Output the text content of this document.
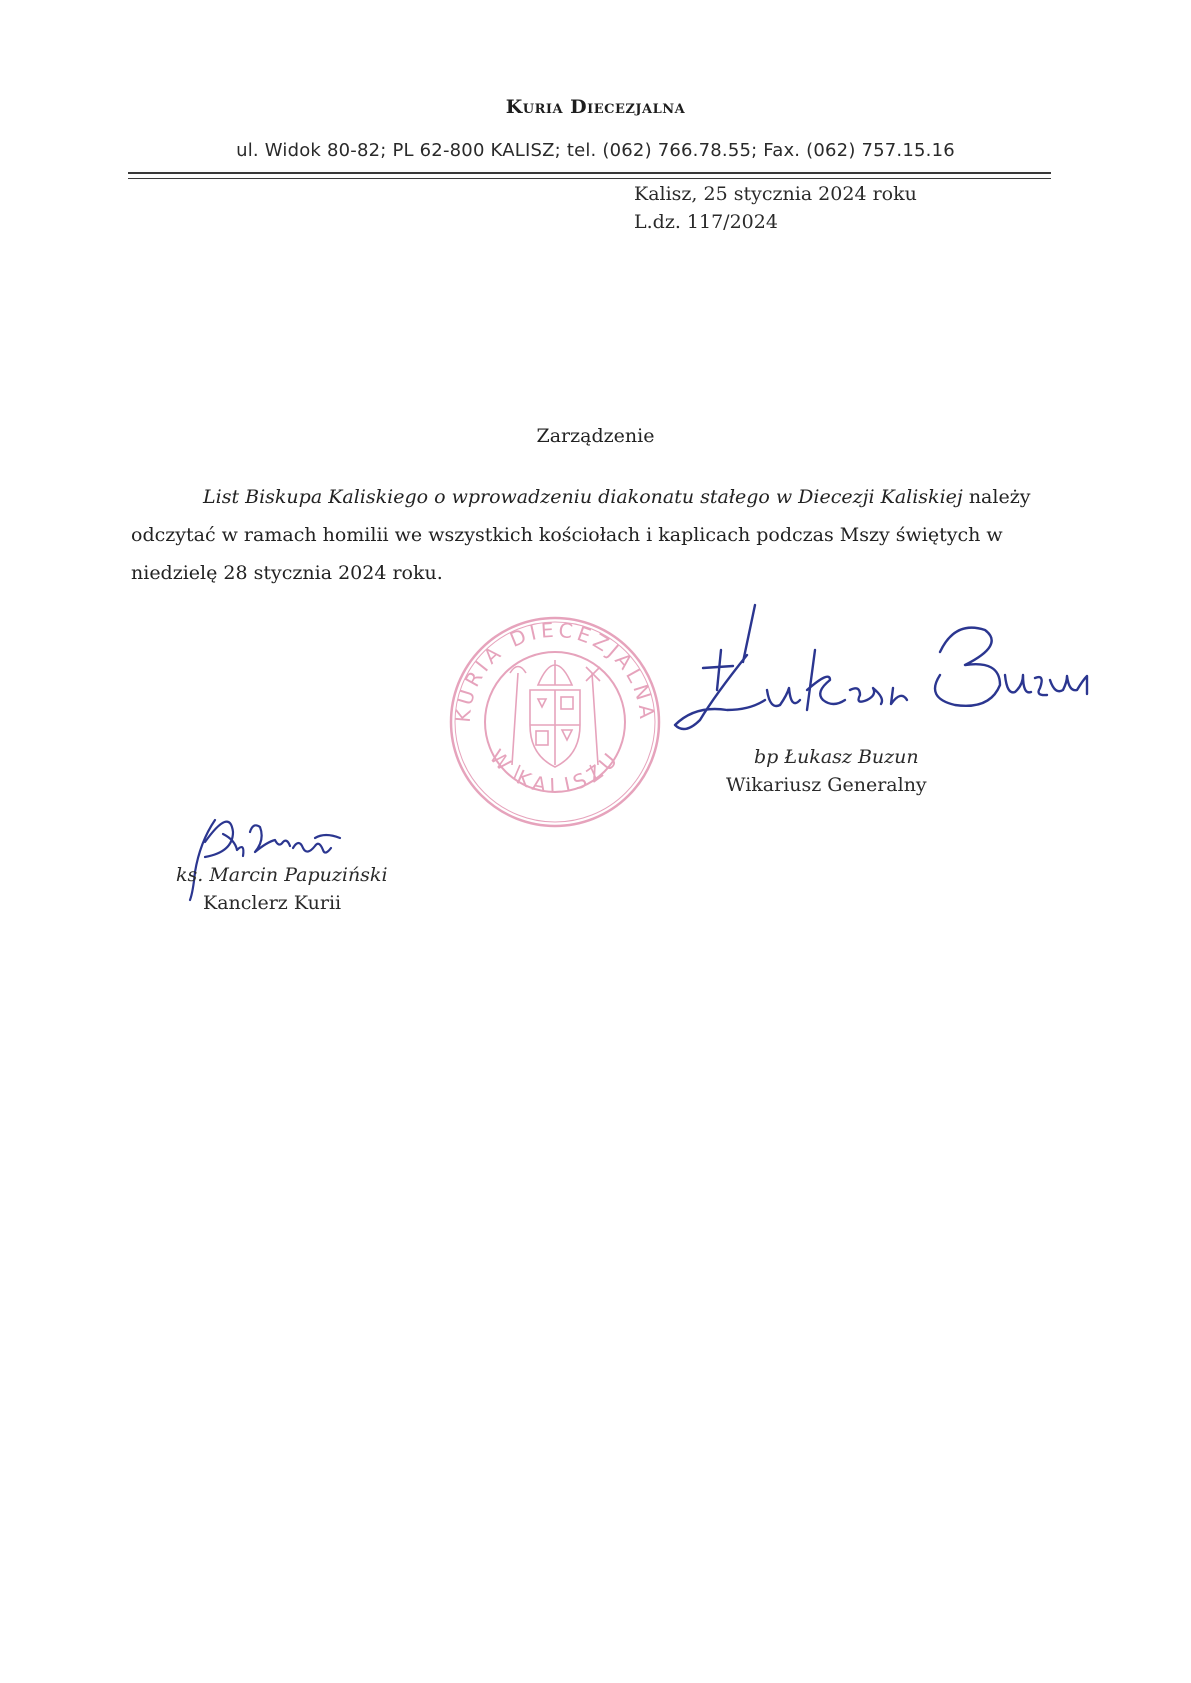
Kuria Diecezjalna
ul. Widok 80-82; PL 62-800 KALISZ; tel. (062) 766.78.55; Fax. (062) 757.15.16
Kalisz, 25 stycznia 2024 roku
L.dz. 117/2024
Zarządzenie
List Biskupa Kaliskiego o wprowadzeniu diakonatu stałego w Diecezji Kaliskiej należy odczytać w ramach homilii we wszystkich kościołach i kaplicach podczas Mszy świętych w niedzielę 28 stycznia 2024 roku.
KURIA DIECEZJALNA
W KALISZU	bp Łukasz Buzun
Wikariusz Generalny
ks. Marcin Papuziński
Kanclerz Kurii
